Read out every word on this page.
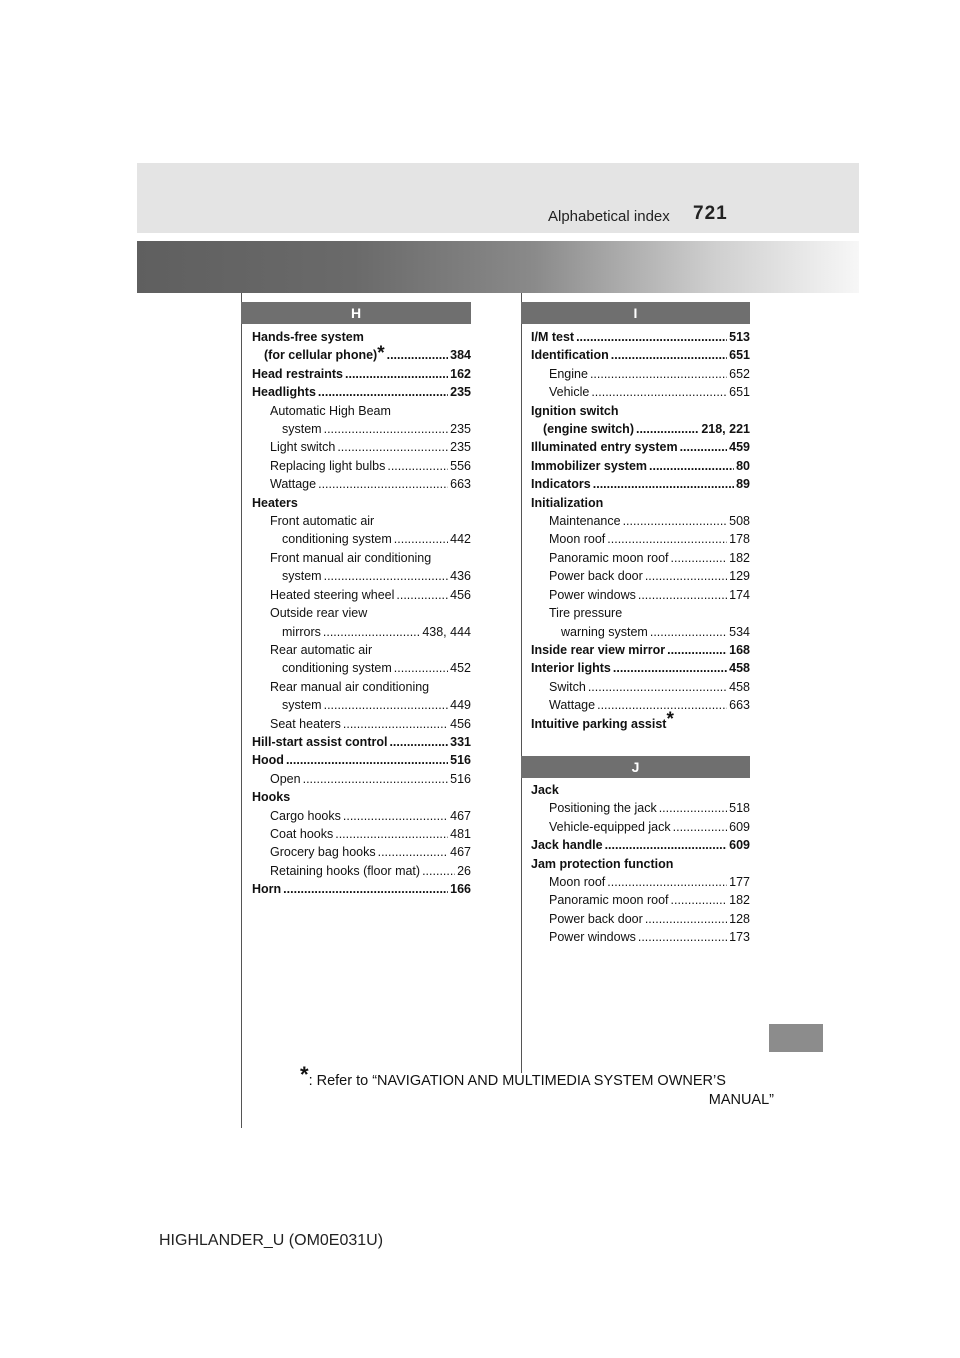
Alphabetical index 721
H	I
J
Hands-free system
(for cellular phone) * .....	384
Head restraints .....	162
Headlights .....	235
Automatic High Beam
system .....	235
Light switch .....	235
Replacing light bulbs .....	556
Wattage .....	663
Heaters
Front automatic air
conditioning system .....	442
Front manual air conditioning
system .....	436
Heated steering wheel .....	456
Outside rear view
mirrors .....	438, 444
Rear automatic air
conditioning system .....	452
Rear manual air conditioning
system .....	449
Seat heaters .....	456
Hill-start assist control .....	331
Hood .....	516
Open .....	516
Hooks
Cargo hooks .....	467
Coat hooks .....	481
Grocery bag hooks .....	467
Retaining hooks (floor mat) .....	26
Horn .....	166
I/M test .....	513
Identification .....	651
Engine .....	652
Vehicle .....	651
Ignition switch
(engine switch) .....	218, 221
Illuminated entry system .....	459
Immobilizer system .....	80
Indicators .....	89
Initialization
Maintenance .....	508
Moon roof .....	178
Panoramic moon roof .....	182
Power back door .....	129
Power windows .....	174
Tire pressure
warning system .....	534
Inside rear view mirror .....	168
Interior lights .....	458
Switch .....	458
Wattage .....	663
Intuitive parking assist*
Jack
Positioning the jack .....	518
Vehicle-equipped jack .....	609
Jack handle .....	609
Jam protection function
Moon roof .....	177
Panoramic moon roof .....	182
Power back door .....	128
Power windows .....	173
*: Refer to “NAVIGATION AND MULTIMEDIA SYSTEM OWNER’S
MANUAL”
HIGHLANDER_U (OM0E031U)
